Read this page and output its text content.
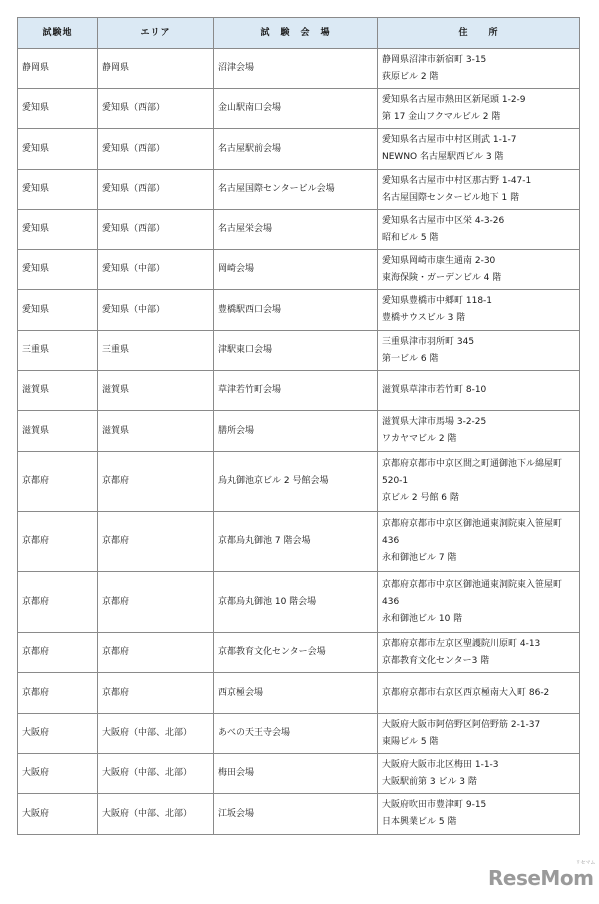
試験地	エリア	試　験　会　場	住　　所
静岡県	静岡県	沼津会場	静岡県沼津市新宿町 3-15
荻原ビル 2 階

愛知県	愛知県（西部）	金山駅南口会場	愛知県名古屋市熱田区新尾頭 1-2-9
第 17 金山フクマルビル 2 階

愛知県	愛知県（西部）	名古屋駅前会場	愛知県名古屋市中村区則武 1-1-7
NEWNO 名古屋駅西ビル 3 階

愛知県	愛知県（西部）	名古屋国際センタービル会場	愛知県名古屋市中村区那古野 1-47-1
名古屋国際センタービル地下 1 階

愛知県	愛知県（西部）	名古屋栄会場	愛知県名古屋市中区栄 4-3-26
昭和ビル 5 階

愛知県	愛知県（中部）	岡崎会場	愛知県岡崎市康生通南 2-30
東海保険・ガーデンビル 4 階

愛知県	愛知県（中部）	豊橋駅西口会場	愛知県豊橋市中郷町 118-1
豊橋サウスビル 3 階

三重県	三重県	津駅東口会場	三重県津市羽所町 345
第一ビル 6 階

滋賀県	滋賀県	草津若竹町会場	滋賀県草津市若竹町 8-10

滋賀県	滋賀県	膳所会場	滋賀県大津市馬場 3-2-25
ワカヤマビル 2 階

京都府	京都府	烏丸御池京ビル 2 号館会場	京都府京都市中京区間之町通御池下ル綿屋町
520-1
京ビル 2 号館 6 階

京都府	京都府	京都烏丸御池 7 階会場	京都府京都市中京区御池通東洞院東入笹屋町
436
永和御池ビル 7 階

京都府	京都府	京都烏丸御池 10 階会場	京都府京都市中京区御池通東洞院東入笹屋町
436
永和御池ビル 10 階

京都府	京都府	京都教育文化センター会場	京都府京都市左京区聖護院川原町 4-13
京都教育文化センター3 階

京都府	京都府	西京極会場	京都府京都市右京区西京極南大入町 86-2

大阪府	大阪府（中部、北部）	あべの天王寺会場	大阪府大阪市阿倍野区阿倍野筋 2-1-37
東陽ビル 5 階

大阪府	大阪府（中部、北部）	梅田会場	大阪府大阪市北区梅田 1-1-3
大阪駅前第 3 ビル 3 階

大阪府	大阪府（中部、北部）	江坂会場	大阪府吹田市豊津町 9-15
日本興業ビル 5 階
ReseMom
リセマム
